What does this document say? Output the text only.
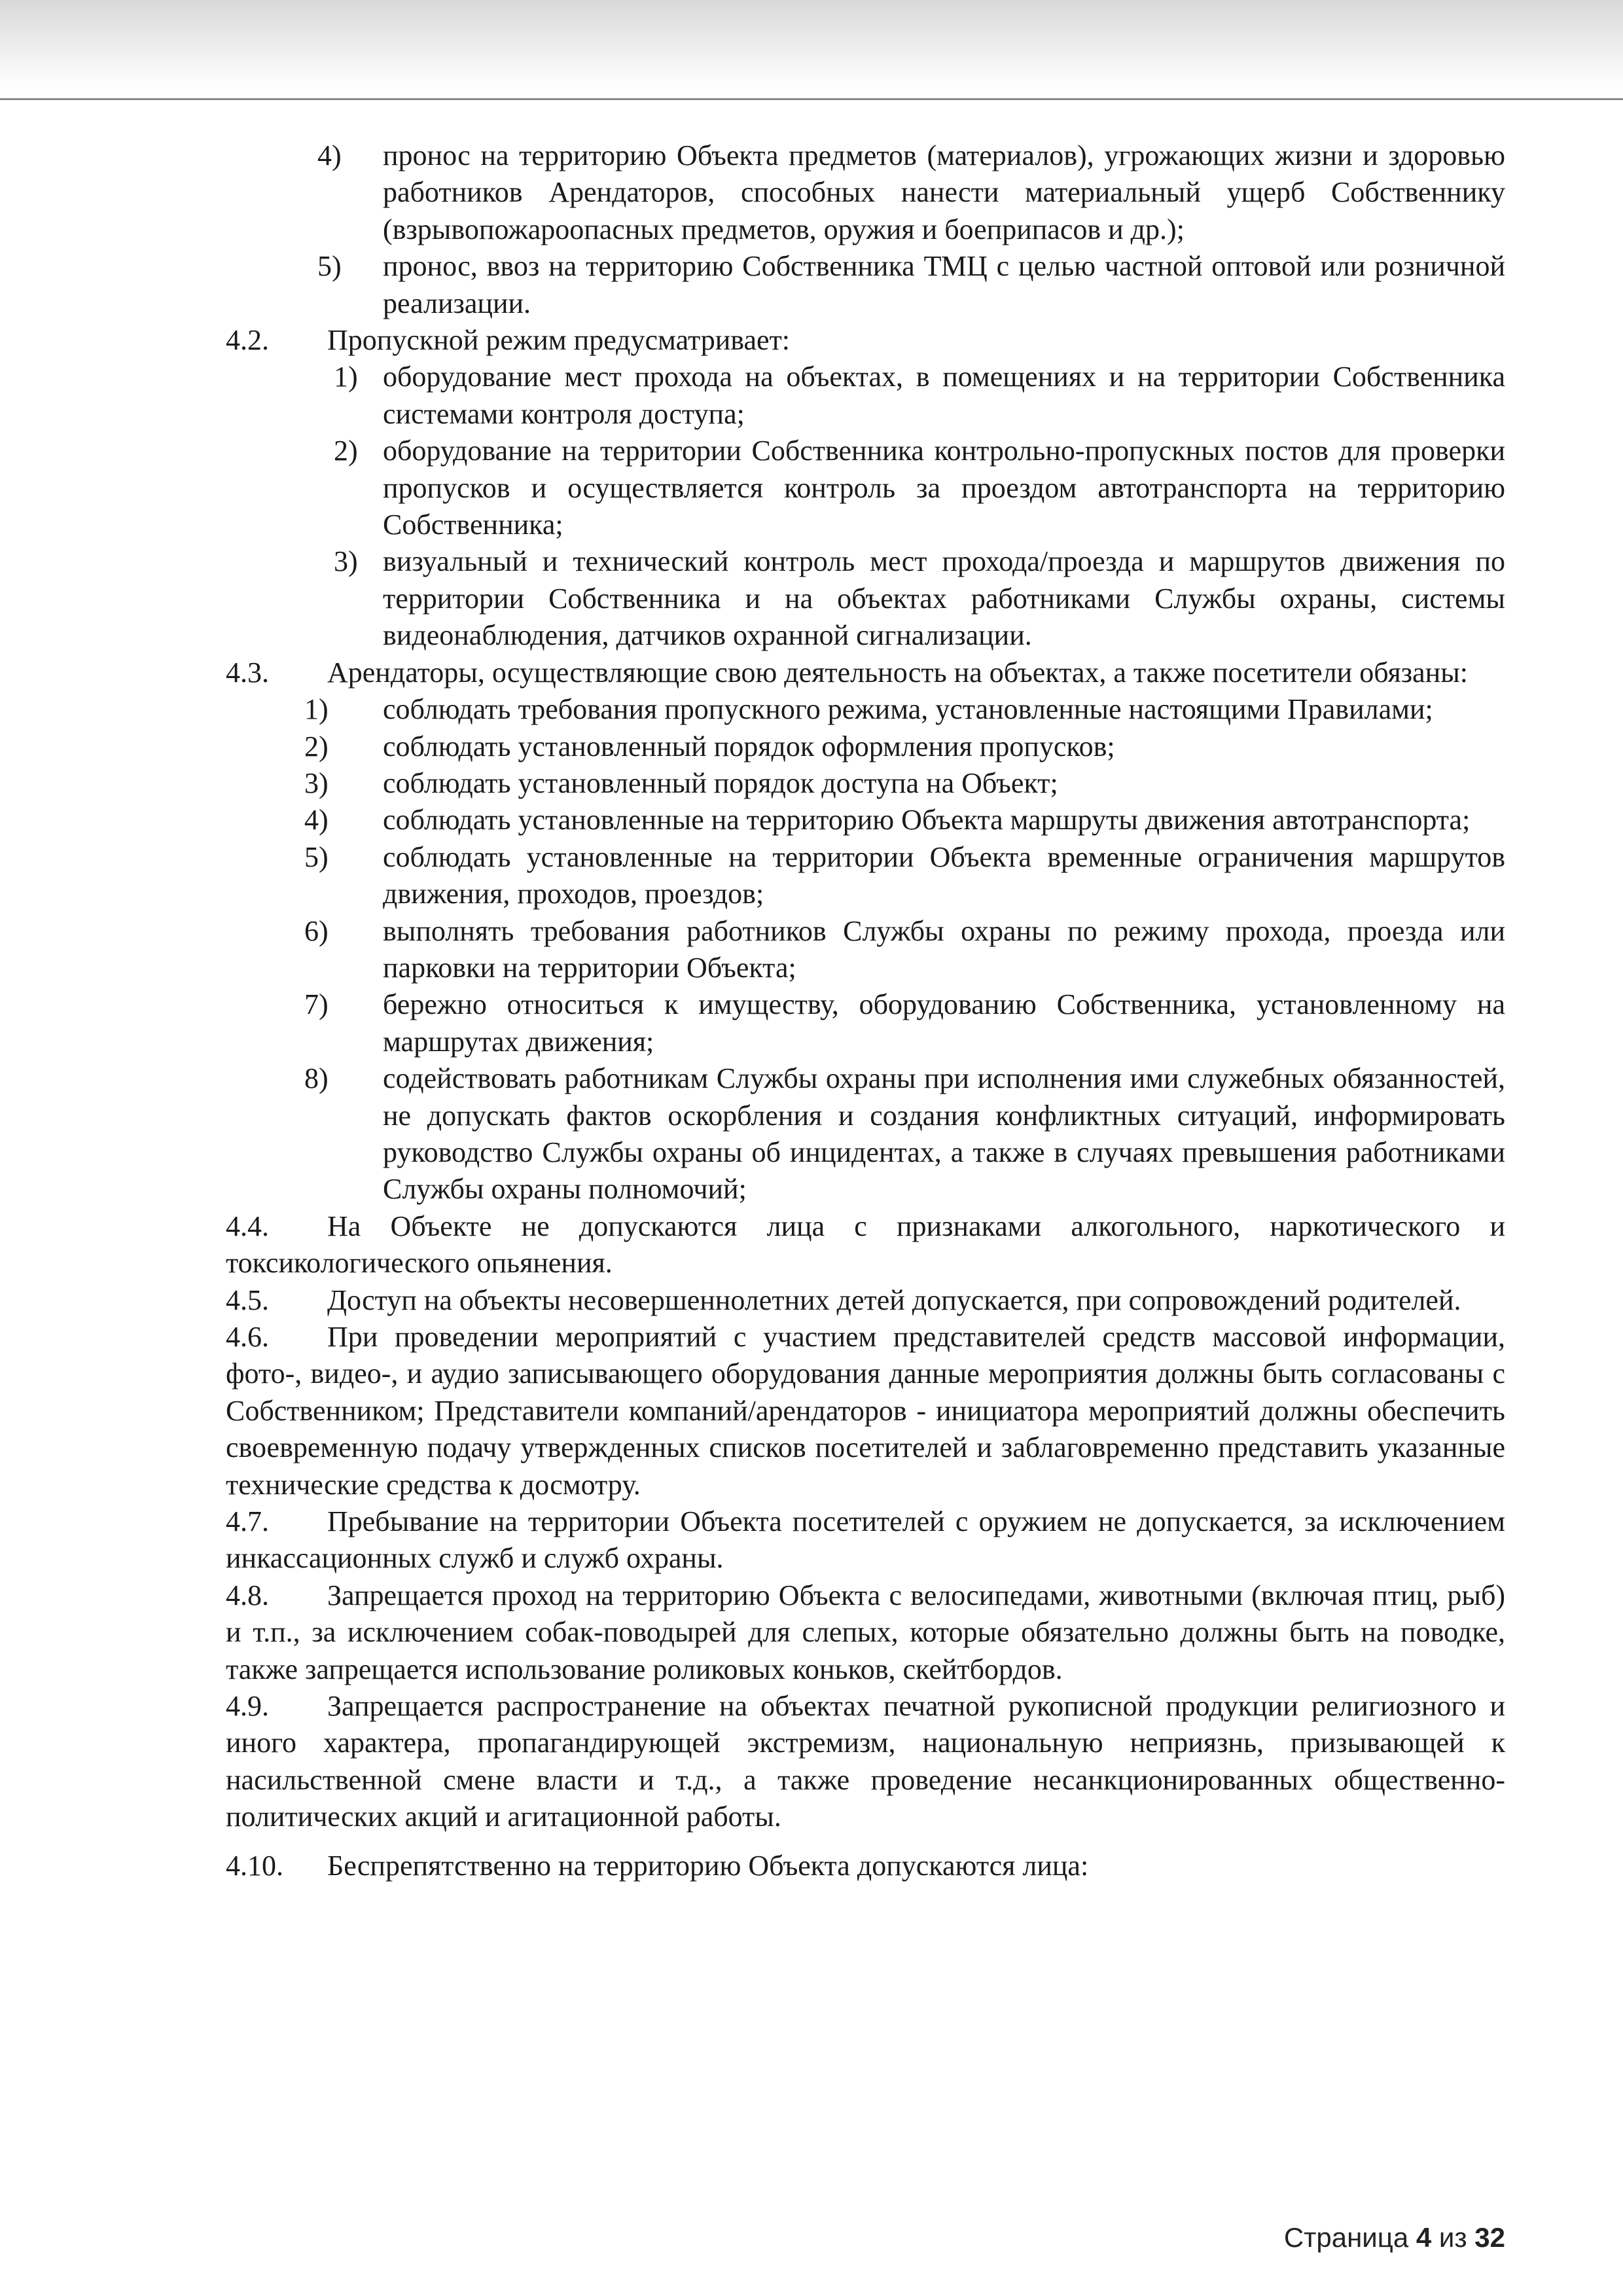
4)	пронос на территорию Объекта предметов (материалов), угрожающих жизни и здоровью работников Арендаторов, способных нанести материальный ущерб Собственнику (взрывопожароопасных предметов, оружия и боеприпасов и др.);
5)	пронос, ввоз на территорию Собственника ТМЦ с целью частной оптовой или розничной реализации.
4.2.	Пропускной режим предусматривает:
1) оборудование мест прохода на объектах, в помещениях и на территории Собственника системами контроля доступа;
2) оборудование на территории Собственника контрольно-пропускных постов для проверки пропусков и осуществляется контроль за проездом автотранспорта на территорию Собственника;
3) визуальный и технический контроль мест прохода/проезда и маршрутов движения по территории Собственника и на объектах работниками Службы охраны, системы видеонаблюдения, датчиков охранной сигнализации.
4.3.	Арендаторы, осуществляющие свою деятельность на объектах, а также посетители обязаны:
1)	соблюдать требования пропускного режима, установленные настоящими Правилами;
2)	соблюдать установленный порядок оформления пропусков;
3)	соблюдать установленный порядок доступа на Объект;
4)	соблюдать установленные на территорию Объекта маршруты движения автотранспорта;
5)	соблюдать установленные на территории Объекта временные ограничения маршрутов движения, проходов, проездов;
6)	выполнять требования работников Службы охраны по режиму прохода, проезда или парковки на территории Объекта;
7)	бережно относиться к имуществу, оборудованию Собственника, установленному на маршрутах движения;
8)	содействовать работникам Службы охраны при исполнения ими служебных обязанностей, не допускать фактов оскорбления и создания конфликтных ситуаций, информировать руководство Службы охраны об инцидентах, а также в случаях превышения работниками Службы охраны полномочий;
4.4.	На Объекте не допускаются лица с признаками алкогольного, наркотического и токсикологического опьянения.
4.5.	Доступ на объекты несовершеннолетних детей допускается, при сопровождений родителей.
4.6.	При проведении мероприятий с участием представителей средств массовой информации, фото-, видео-, и аудио записывающего оборудования данные мероприятия должны быть согласованы с Собственником; Представители компаний/арендаторов - инициатора мероприятий должны обеспечить своевременную подачу утвержденных списков посетителей и заблаговременно представить указанные технические средства к досмотру.
4.7.	Пребывание на территории Объекта посетителей с оружием не допускается, за исключением инкассационных служб и служб охраны.
4.8.	Запрещается проход на территорию Объекта с велосипедами, животными (включая птиц, рыб) и т.п., за исключением собак-поводырей для слепых, которые обязательно должны быть на поводке, также запрещается использование роликовых коньков, скейтбордов.
4.9.	Запрещается распространение на объектах печатной рукописной продукции религиозного и иного характера, пропагандирующей экстремизм, национальную неприязнь, призывающей к насильственной смене власти и т.д., а также проведение несанкционированных общественно-политических акций и агитационной работы.
4.10.	Беспрепятственно на территорию Объекта допускаются лица:
Страница 4 из 32
